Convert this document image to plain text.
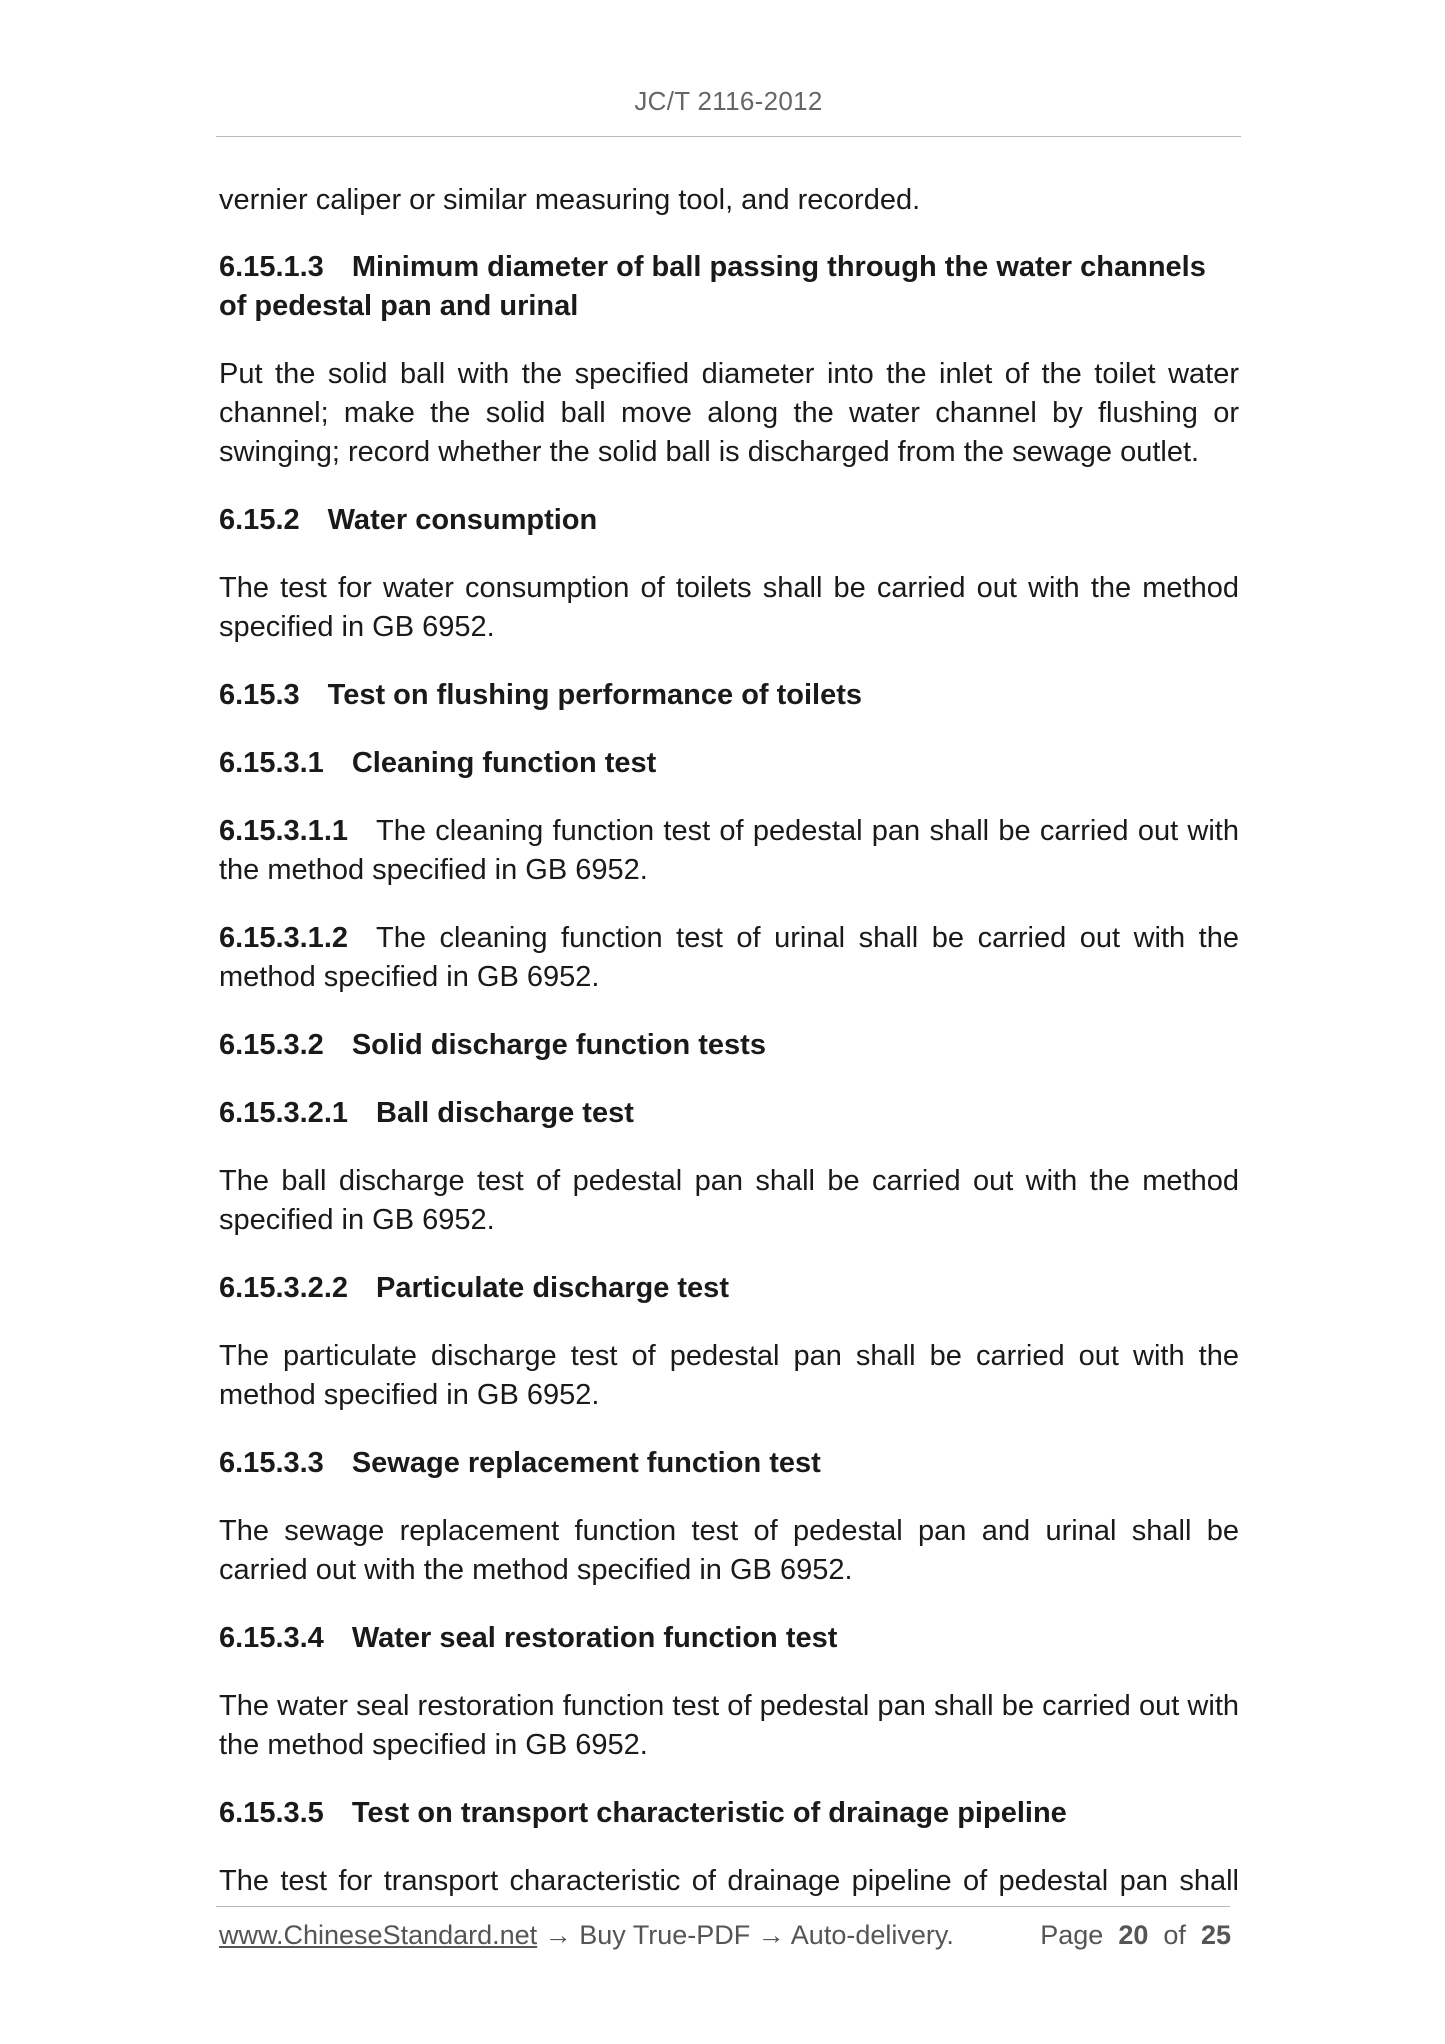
JC/T 2116-2012

vernier caliper or similar measuring tool, and recorded.

6.15.1.3 Minimum diameter of ball passing through the water channels of pedestal pan and urinal

Put the solid ball with the specified diameter into the inlet of the toilet water channel; make the solid ball move along the water channel by flushing or swinging; record whether the solid ball is discharged from the sewage outlet.

6.15.2 Water consumption

The test for water consumption of toilets shall be carried out with the method specified in GB 6952.

6.15.3 Test on flushing performance of toilets

6.15.3.1 Cleaning function test

6.15.3.1.1 The cleaning function test of pedestal pan shall be carried out with the method specified in GB 6952.

6.15.3.1.2 The cleaning function test of urinal shall be carried out with the method specified in GB 6952.

6.15.3.2 Solid discharge function tests

6.15.3.2.1 Ball discharge test

The ball discharge test of pedestal pan shall be carried out with the method specified in GB 6952.

6.15.3.2.2 Particulate discharge test

The particulate discharge test of pedestal pan shall be carried out with the method specified in GB 6952.

6.15.3.3 Sewage replacement function test

The sewage replacement function test of pedestal pan and urinal shall be carried out with the method specified in GB 6952.

6.15.3.4 Water seal restoration function test

The water seal restoration function test of pedestal pan shall be carried out with the method specified in GB 6952.

6.15.3.5 Test on transport characteristic of drainage pipeline

The test for transport characteristic of drainage pipeline of pedestal pan shall

www.ChineseStandard.net → Buy True-PDF → Auto-delivery.	Page 20 of 25
